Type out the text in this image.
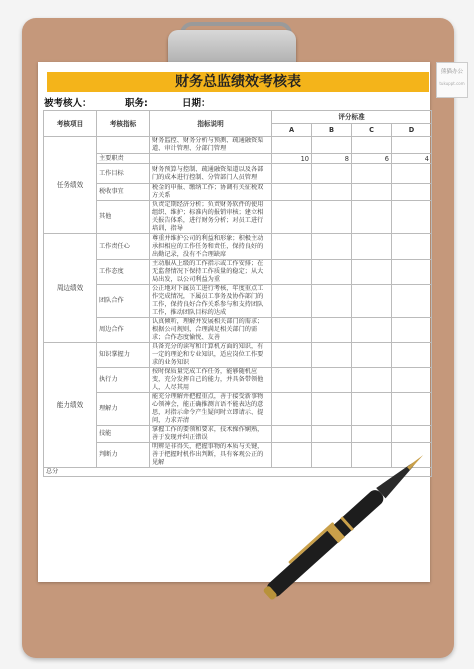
熊猫办公
tukuppt.com
财务总监绩效考核表
被考核人：	职务:	日期：
考核项目	考核指标	指标说明	评分标准			
			A	B	C	D
任务绩效		财务监控、财务分析与预测、疏通融资渠道、审计管理、分部门管理				
	主要职责		10	8	6	4
	工作目标	财务预算与控制、疏通融资渠道以及各部门的成本进行控制、分管部门人员管理				
	税收事宜	税金的申报、缴纳工作；协调有关征税双方关系				
	其他	负责定期经济分析；负责财务软件的使用组织、维护；标准内的报销审核；建立相关报告体系，进行财务分析；对员工进行培训，指导				
周边绩效	工作责任心	尊重并维护公司的利益和形象；积极主动承担相应的工作任务和责任，保持良好的出勤记录，没有不合理缺席				
	工作态度	主动服从上级的工作指示或工作安排；在无监督情况下保持工作质量的稳定；从大局出发，以公司利益为重				
	团队合作	公正地对下属员工进行考核，年度重点工作完成情况，下属员工事务及协作部门的工作，保持良好合作关系参与和支持团队工作，推动团队目标的达成				
	周边合作	认真倾听，理解并发展相关部门的需求；根据公司规则，合理满足相关部门的需求；合作态度愉悦、友善				
能力绩效	知识掌握力	具备充分的读写和计算机方面的知识，有一定的理论和专业知识，适应岗位工作要求的业务知识				
	执行力	按时保质量完成工作任务，能够随机应变，充分发挥自己的能力，并具备带领他人，人尽其用				
	理解力	能充分理解并把握重点，善于接受新事物心领神会，能正确推测言语不能表达的意思，对指示命令产生疑问时立即请示、提问，力求弄清				
	技能	掌握工作的要领和要求，技术操作娴熟，善于发现并纠正错误				
	判断力	明辨是非得失，把握事物的本质与关键，善于把握时机作出判断，具有客观公正的见解				
总分						
